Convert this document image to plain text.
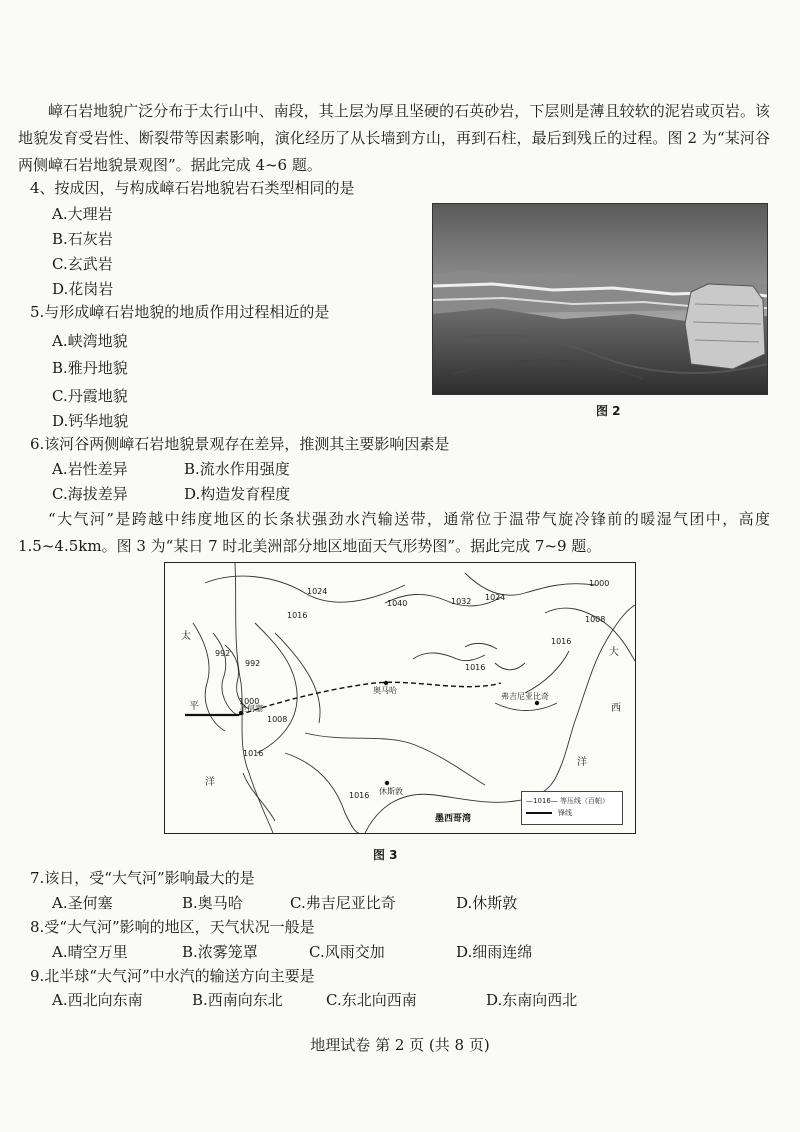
嶂石岩地貌广泛分布于太行山中、南段，其上层为厚且坚硬的石英砂岩，下层则是薄且较软的泥岩或页岩。该地貌发育受岩性、断裂带等因素影响，演化经历了从长墙到方山，再到石柱，最后到残丘的过程。图 2 为“某河谷两侧嶂石岩地貌景观图”。据此完成 4~6 题。
4、按成因，与构成嶂石岩地貌岩石类型相同的是
A.大理岩
B.石灰岩
C.玄武岩
D.花岗岩
5.与形成嶂石岩地貌的地质作用过程相近的是
A.峡湾地貌
B.雅丹地貌
C.丹霞地貌
D.钙华地貌
图 2
6.该河谷两侧嶂石岩地貌景观存在差异，推测其主要影响因素是
A.岩性差异	B.流水作用强度
C.海拔差异	D.构造发育程度
“大气河”是跨越中纬度地区的长条状强劲水汽输送带，通常位于温带气旋冷锋前的暖湿气团中，高度 1.5~4.5km。图 3 为“某日 7 时北美洲部分地区地面天气形势图”。据此完成 7~9 题。
1024
1040	1032 1024
1000
1008
1016
1016
992
992
1000
1008
1016
1016
1016
奥马哈
弗吉尼亚比奇
圣何塞
休斯敦
太
平
洋
大
西
洋
墨西哥湾
—1016— 等压线（百帕）
锋线
图 3
7.该日，受“大气河”影响最大的是
A.圣何塞	B.奥马哈	C.弗吉尼亚比奇	D.休斯敦
8.受“大气河”影响的地区，天气状况一般是
A.晴空万里	B.浓雾笼罩	C.风雨交加	D.细雨连绵
9.北半球“大气河”中水汽的输送方向主要是
A.西北向东南	B.西南向东北	C.东北向西南	D.东南向西北
地理试卷 第 2 页 (共 8 页)
